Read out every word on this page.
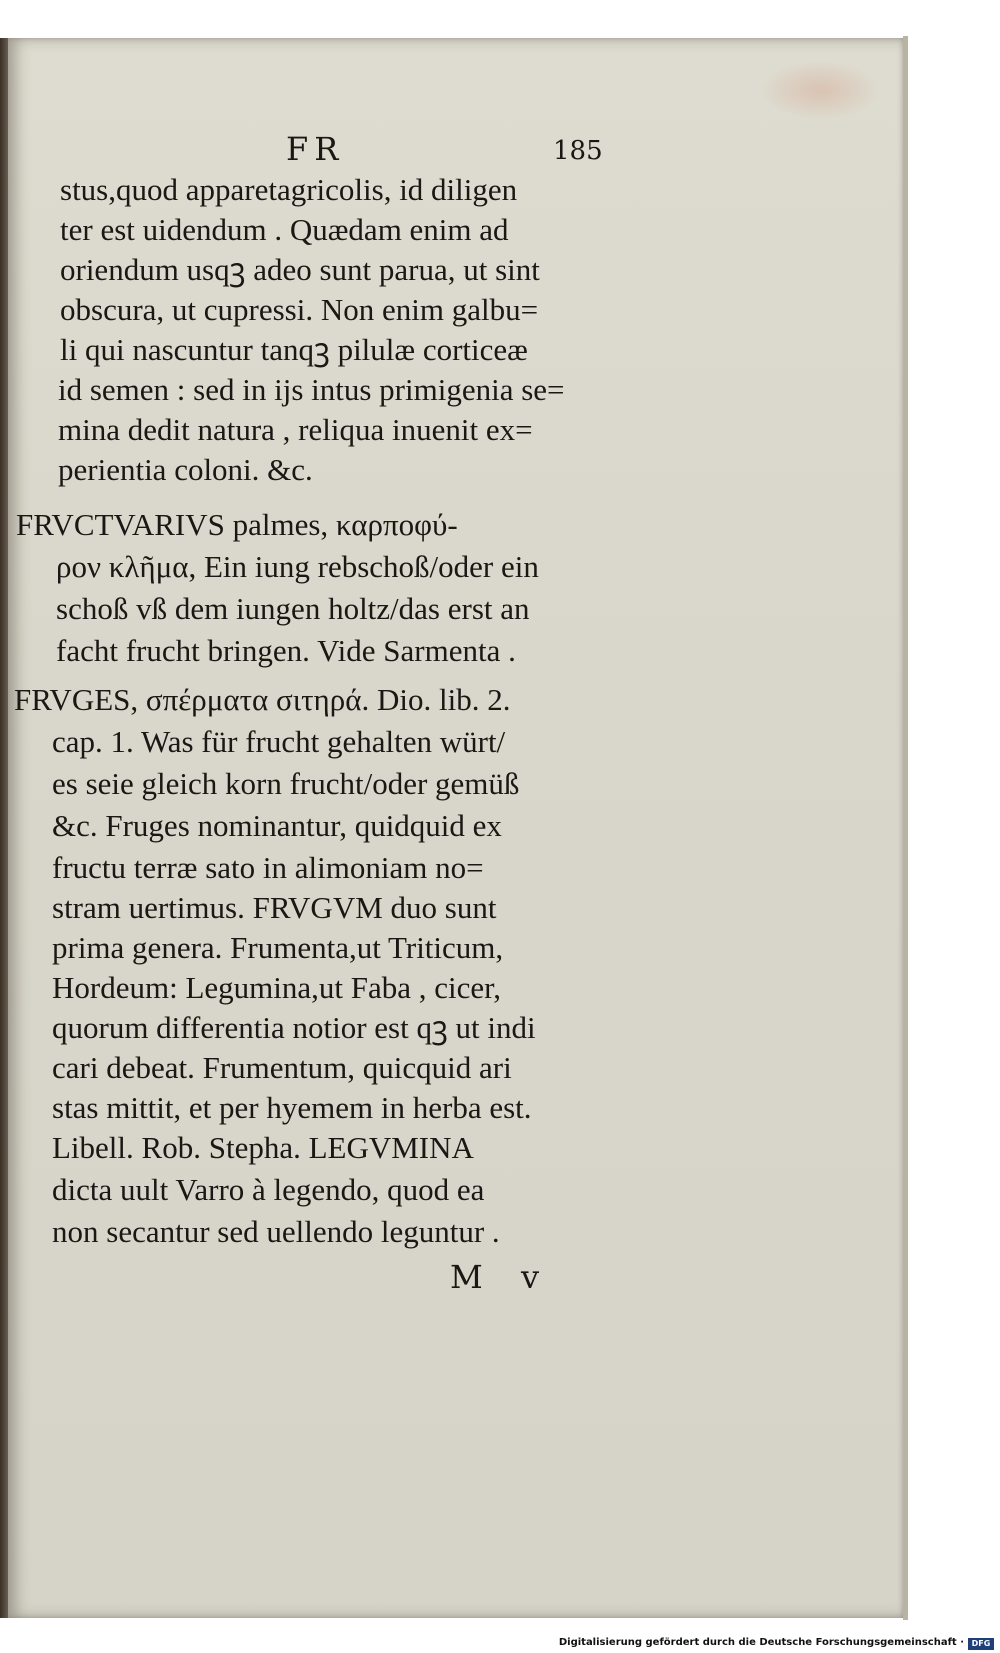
FR	185
stus,quod apparetagricolis, id diligen
ter est uidendum . Quædam enim ad
oriendum usqꝫ adeo sunt parua, ut sint
obscura, ut cupressi. Non enim galbu=
li qui nascuntur tanqꝫ pilulæ corticeæ
id semen : sed in ijs intus primigenia se=
mina dedit natura , reliqua inuenit ex=
perientia coloni. &c.
FRVCTVARIVS palmes, καρποφύ-
ρον κλῆμα, Ein iung rebschoß/oder ein
schoß vß dem iungen holtz/das erst an
facht frucht bringen. Vide Sarmenta .
FRVGES, σπέρματα σιτηρά. Dio. lib. 2.
cap. 1. Was für frucht gehalten würt/
es seie gleich korn frucht/oder gemüß
&c. Fruges nominantur, quidquid ex
fructu terræ sato in alimoniam no=
stram uertimus. FRVGVM duo sunt
prima genera. Frumenta,ut Triticum,
Hordeum: Legumina,ut Faba , cicer,
quorum differentia notior est qꝫ ut indi
cari debeat. Frumentum, quicquid ari
stas mittit, et per hyemem in herba est.
Libell. Rob. Stepha. LEGVMINA
dicta uult Varro à legendo, quod ea
non secantur sed uellendo leguntur .
M v
Digitalisierung gefördert durch die Deutsche Forschungsgemeinschaft · DFG
